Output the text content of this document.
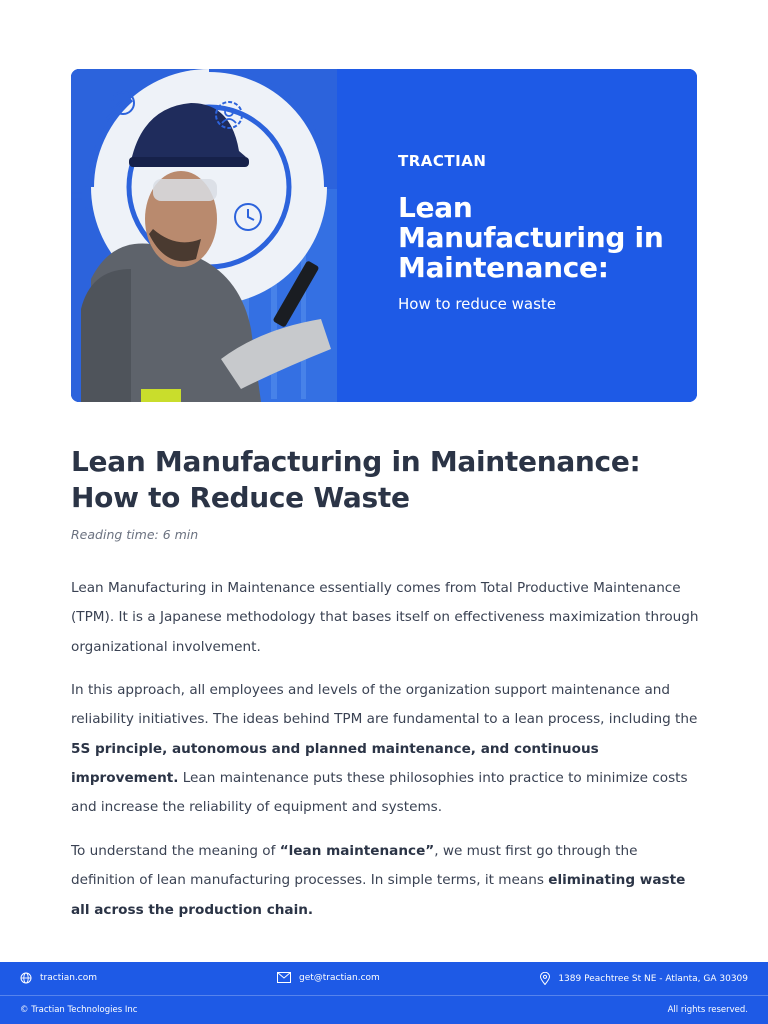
TRACTIAN
Lean Manufacturing in Maintenance:
How to reduce waste
Lean Manufacturing in Maintenance: How to Reduce Waste
Reading time: 6 min

Lean Manufacturing in Maintenance essentially comes from Total Productive Maintenance (TPM). It is a Japanese methodology that bases itself on effectiveness maximization through organizational involvement.

In this approach, all employees and levels of the organization support maintenance and reliability initiatives. The ideas behind TPM are fundamental to a lean process, including the 5S principle, autonomous and planned maintenance, and continuous improvement. Lean maintenance puts these philosophies into practice to minimize costs and increase the reliability of equipment and systems.

To understand the meaning of “lean maintenance”, we must first go through the definition of lean manufacturing processes. In simple terms, it means eliminating waste all across the production chain.

tractian.com	get@tractian.com	1389 Peachtree St NE - Atlanta, GA 30309
© Tractian Technologies Inc	All rights reserved.
